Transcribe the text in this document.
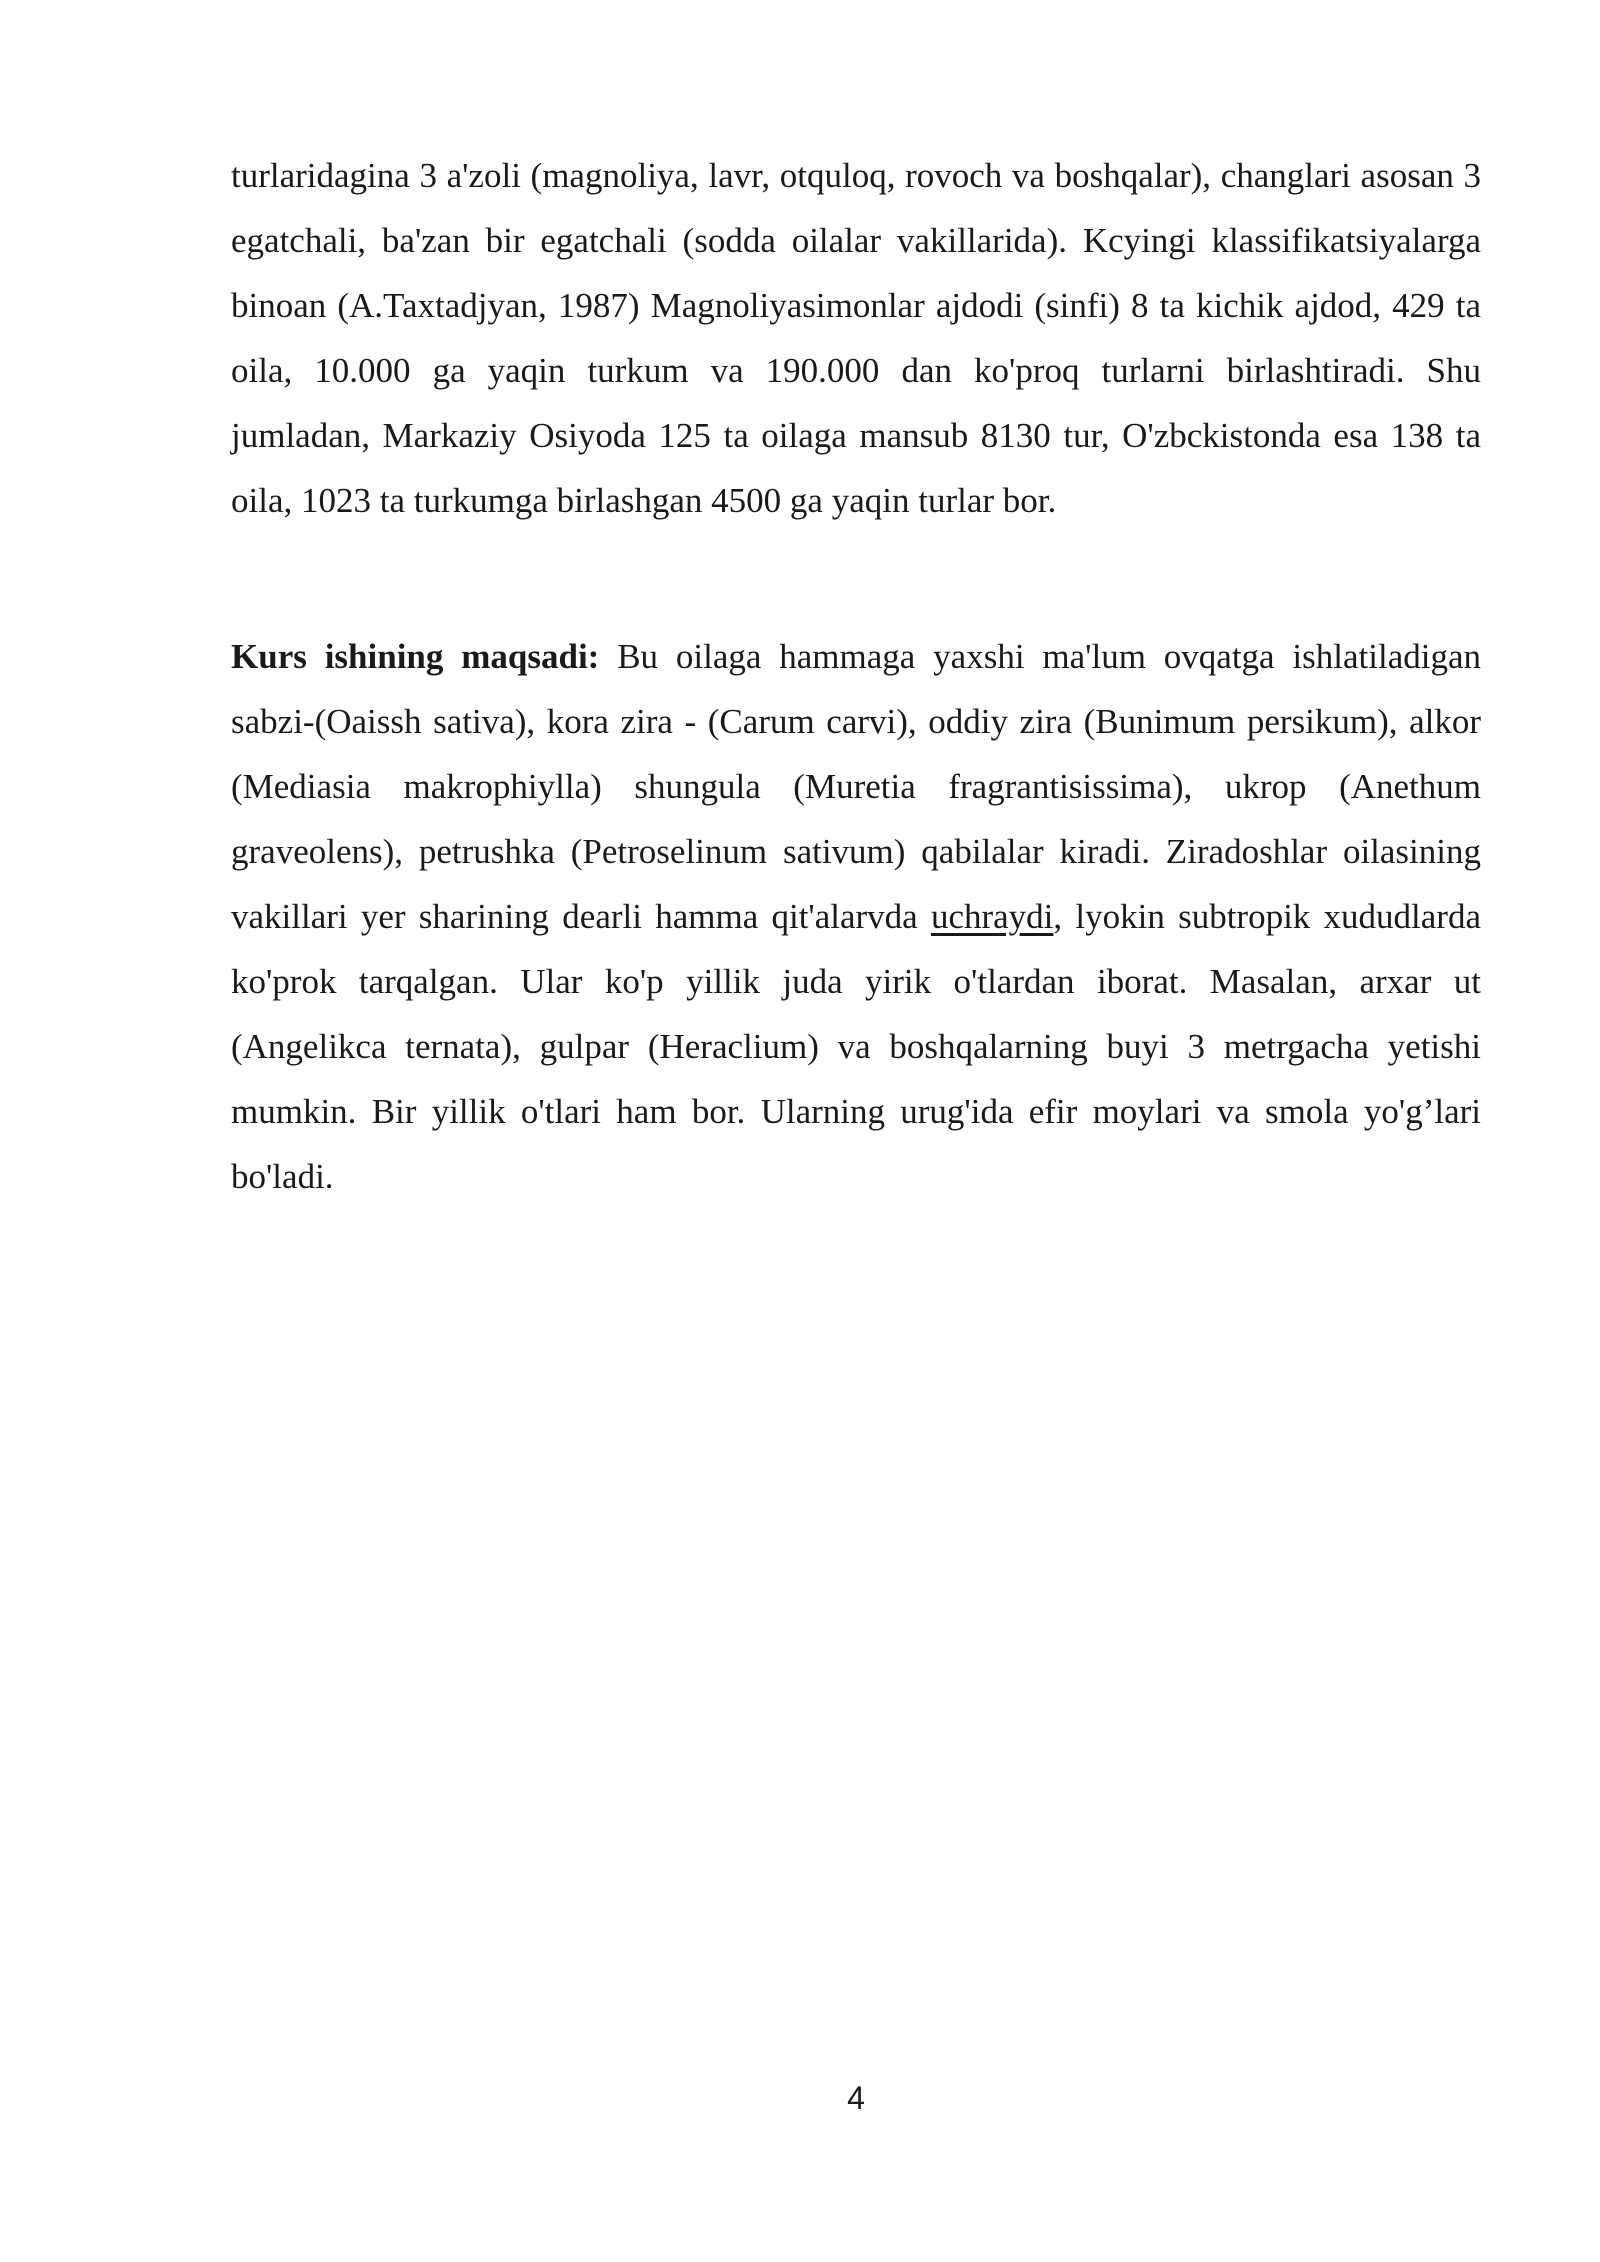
turlaridagina 3 a'zoli (magnoliya, lavr, otquloq, rovoch va boshqalar), changlari asosan 3 egatchali, ba'zan bir egatchali (sodda oilalar vakillarida). Kcyingi klassifikatsiyalarga binoan (A.Taxtadjyan, 1987) Magnoliyasimonlar ajdodi (sinfi) 8 ta kichik ajdod, 429 ta oila, 10.000 ga yaqin turkum va 190.000 dan ko'proq turlarni birlashtiradi. Shu jumladan, Markaziy Osiyoda 125 ta oilaga mansub 8130 tur, O'zbckistonda esa 138 ta oila, 1023 ta turkumga birlashgan 4500 ga yaqin turlar bor.

Kurs ishining maqsadi: Bu oilaga hammaga yaxshi ma'lum ovqatga ishlatiladigan sabzi-(Oaissh sativa), kora zira - (Carum carvi), oddiy zira (Bunimum persikum), alkor (Mediasia makrophiylla) shungula (Muretia fragrantisissima), ukrop (Anethum graveolens), petrushka (Petroselinum sativum) qabilalar kiradi. Ziradoshlar oilasining vakillari yer sharining dearli hamma qit'alarvda uchraydi, lyokin subtropik xududlarda ko'prok tarqalgan. Ular ko'p yillik juda yirik o'tlardan iborat. Masalan, arxar ut (Angelikca ternata), gulpar (Heraclium) va boshqalarning buyi 3 metrgacha yetishi mumkin. Bir yillik o'tlari ham bor. Ularning urug'ida efir moylari va smola yo'g’lari bo'ladi.

4
